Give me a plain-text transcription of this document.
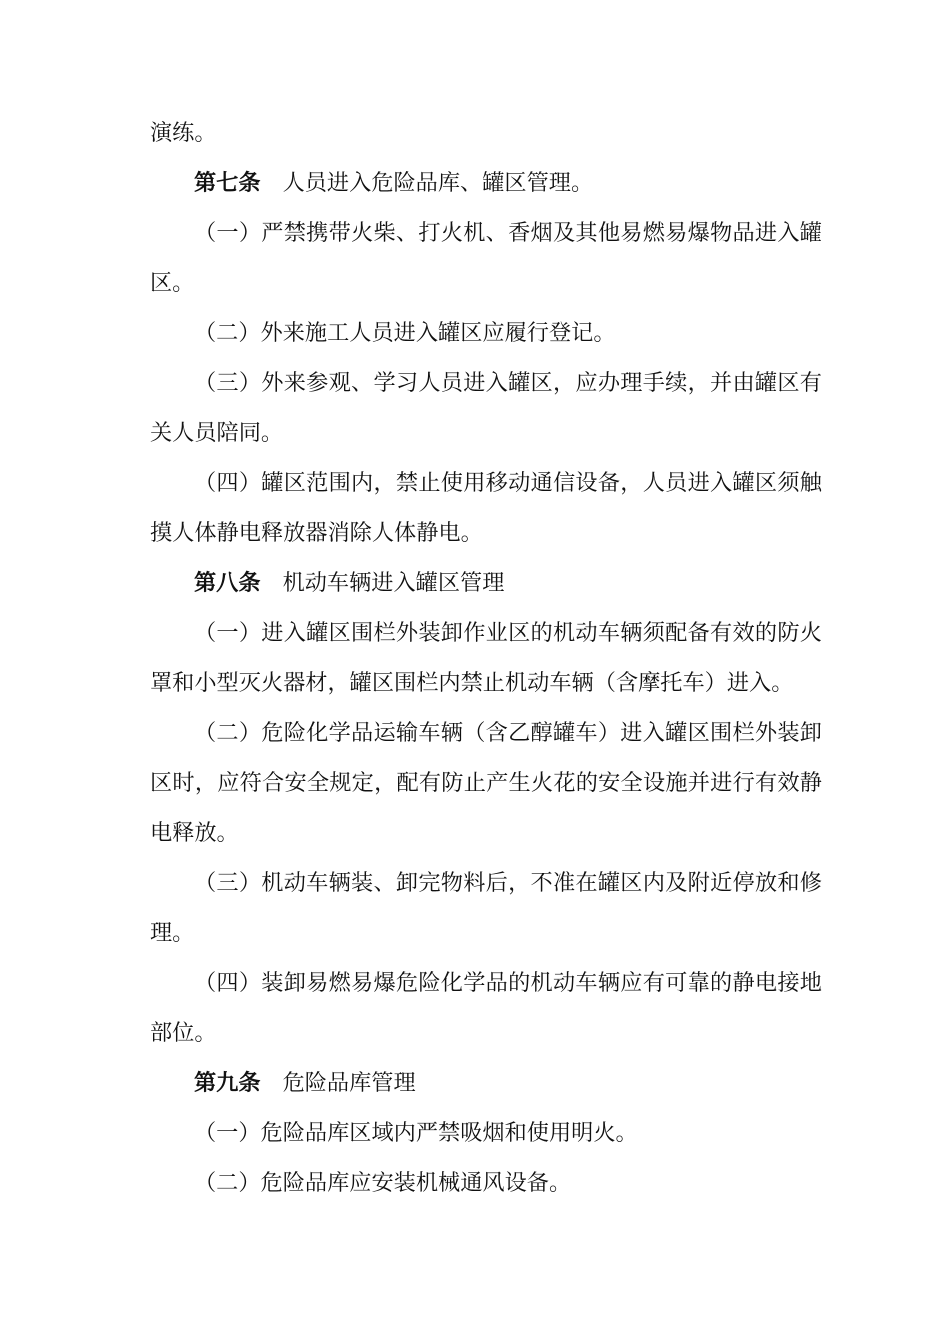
演练。

第七条 人员进入危险品库、罐区管理。

（一）严禁携带火柴、打火机、香烟及其他易燃易爆物品进入罐区。

（二）外来施工人员进入罐区应履行登记。

（三）外来参观、学习人员进入罐区，应办理手续，并由罐区有关人员陪同。

（四）罐区范围内，禁止使用移动通信设备，人员进入罐区须触摸人体静电释放器消除人体静电。

第八条 机动车辆进入罐区管理

（一）进入罐区围栏外装卸作业区的机动车辆须配备有效的防火罩和小型灭火器材，罐区围栏内禁止机动车辆（含摩托车）进入。

（二）危险化学品运输车辆（含乙醇罐车）进入罐区围栏外装卸区时，应符合安全规定，配有防止产生火花的安全设施并进行有效静电释放。

（三）机动车辆装、卸完物料后，不准在罐区内及附近停放和修理。

（四）装卸易燃易爆危险化学品的机动车辆应有可靠的静电接地部位。

第九条 危险品库管理

（一）危险品库区域内严禁吸烟和使用明火。

（二）危险品库应安装机械通风设备。
